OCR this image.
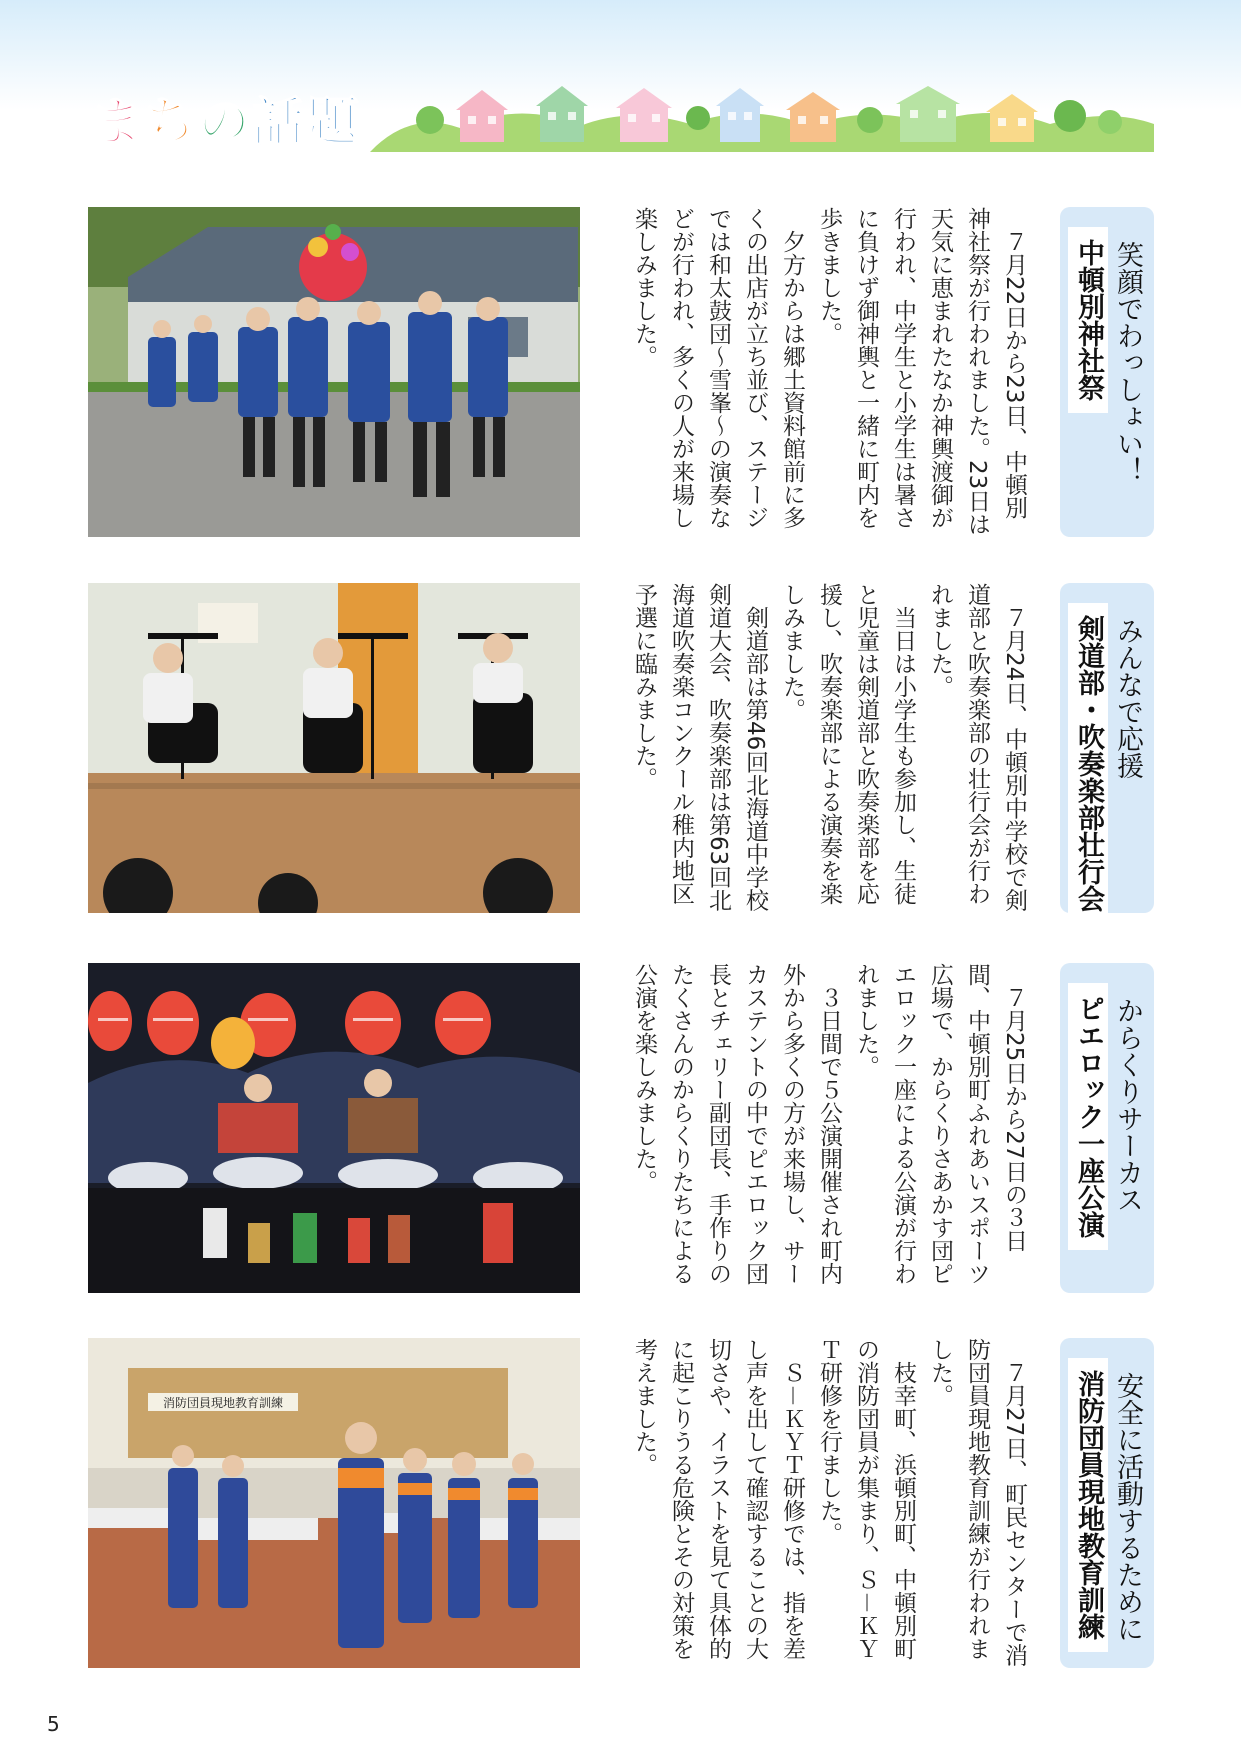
まちの話題

７月22日から23日、中頓別神社祭が行われました。23日は天気に恵まれたなか神輿渡御が行われ、中学生と小学生は暑さに負けず御神輿と一緒に町内を歩きました。

夕方からは郷土資料館前に多くの出店が立ち並び、ステージでは和太鼓団～雪峯～の演奏などが行われ、多くの人が来場し楽しみました。	笑顔でわっしょい！
中頓別神社祭

７月24日、中頓別中学校で剣道部と吹奏楽部の壮行会が行われました。

当日は小学生も参加し、生徒と児童は剣道部と吹奏楽部を応援し、吹奏楽部による演奏を楽しみました。

剣道部は第46回北海道中学校剣道大会、吹奏楽部は第63回北海道吹奏楽コンクール稚内地区予選に臨みました。	みんなで応援
剣道部・吹奏楽部壮行会

７月25日から27日の３日間、中頓別町ふれあいスポーツ広場で、からくりさあかす団ピエロック一座による公演が行われました。

３日間で５公演開催され町内外から多くの方が来場し、サーカステントの中でピエロック団長とチェリー副団長、手作りのたくさんのからくりたちによる公演を楽しみました。	からくりサーカス
ピエロック一座公演
消防団員現地教育訓練	７月27日、町民センターで消防団員現地教育訓練が行われました。

枝幸町、浜頓別町、中頓別町の消防団員が集まり、Ｓ－ＫＹＴ研修を行ました。

Ｓ－ＫＹＴ研修では、指を差し声を出して確認することの大切さや、イラストを見て具体的に起こりうる危険とその対策を考えました。	安全に活動するために
消防団員現地教育訓練
5
